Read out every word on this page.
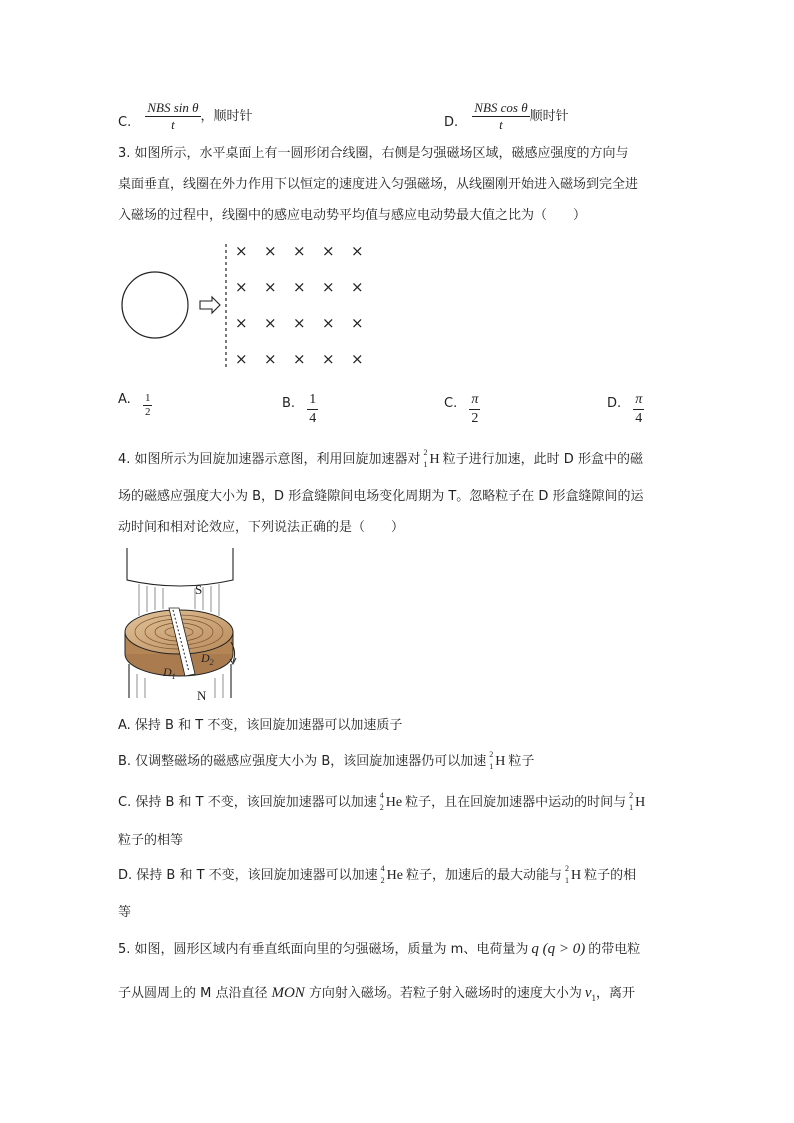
C. $\frac{\text{NBS sin θ}}{t}$ ，顺时针	D. $\frac{\text{NBS cos θ}}{t}$ 顺时针
3. 如图所示，水平桌面上有一圆形闭合线圈，右侧是匀强磁场区域，磁感应强度的方向与
桌面垂直，线圈在外力作用下以恒定的速度进入匀强磁场，从线圈刚开始进入磁场到完全进
入磁场的过程中，线圈中的感应电动势平均值与感应电动势最大值之比为（　　）
× × × × ×
× × × × ×
× × × × ×
× × × × ×
A. $\frac{1}{2}$	B. $\frac{1}{4}$	C. $\frac{\pi}{2}$	D. $\frac{\pi}{4}$
4. 如图所示为回旋加速器示意图，利用回旋加速器对 2
1 H 粒子进行加速，此时 D 形盒中的磁
场的磁感应强度大小为 B，D 形盒缝隙间电场变化周期为 T。忽略粒子在 D 形盒缝隙间的运
动时间和相对论效应，下列说法正确的是（　　）
S
N
$D_1$
$D_2$
A. 保持 B 和 T 不变，该回旋加速器可以加速质子
B. 仅调整磁场的磁感应强度大小为 B，该回旋加速器仍可以加速 2
1 H 粒子
C. 保持 B 和 T 不变，该回旋加速器可以加速 4
2 He 粒子，且在回旋加速器中运动的时间与 2
1 H
粒子的相等
D. 保持 B 和 T 不变，该回旋加速器可以加速 4
2 He 粒子，加速后的最大动能与 2
1 H 粒子的相
等
5. 如图，圆形区域内有垂直纸面向里的匀强磁场，质量为 m、电荷量为 q (q > 0) 的带电粒
子从圆周上的 M 点沿直径 MON 方向射入磁场。若粒子射入磁场时的速度大小为 $v_1$，离开
